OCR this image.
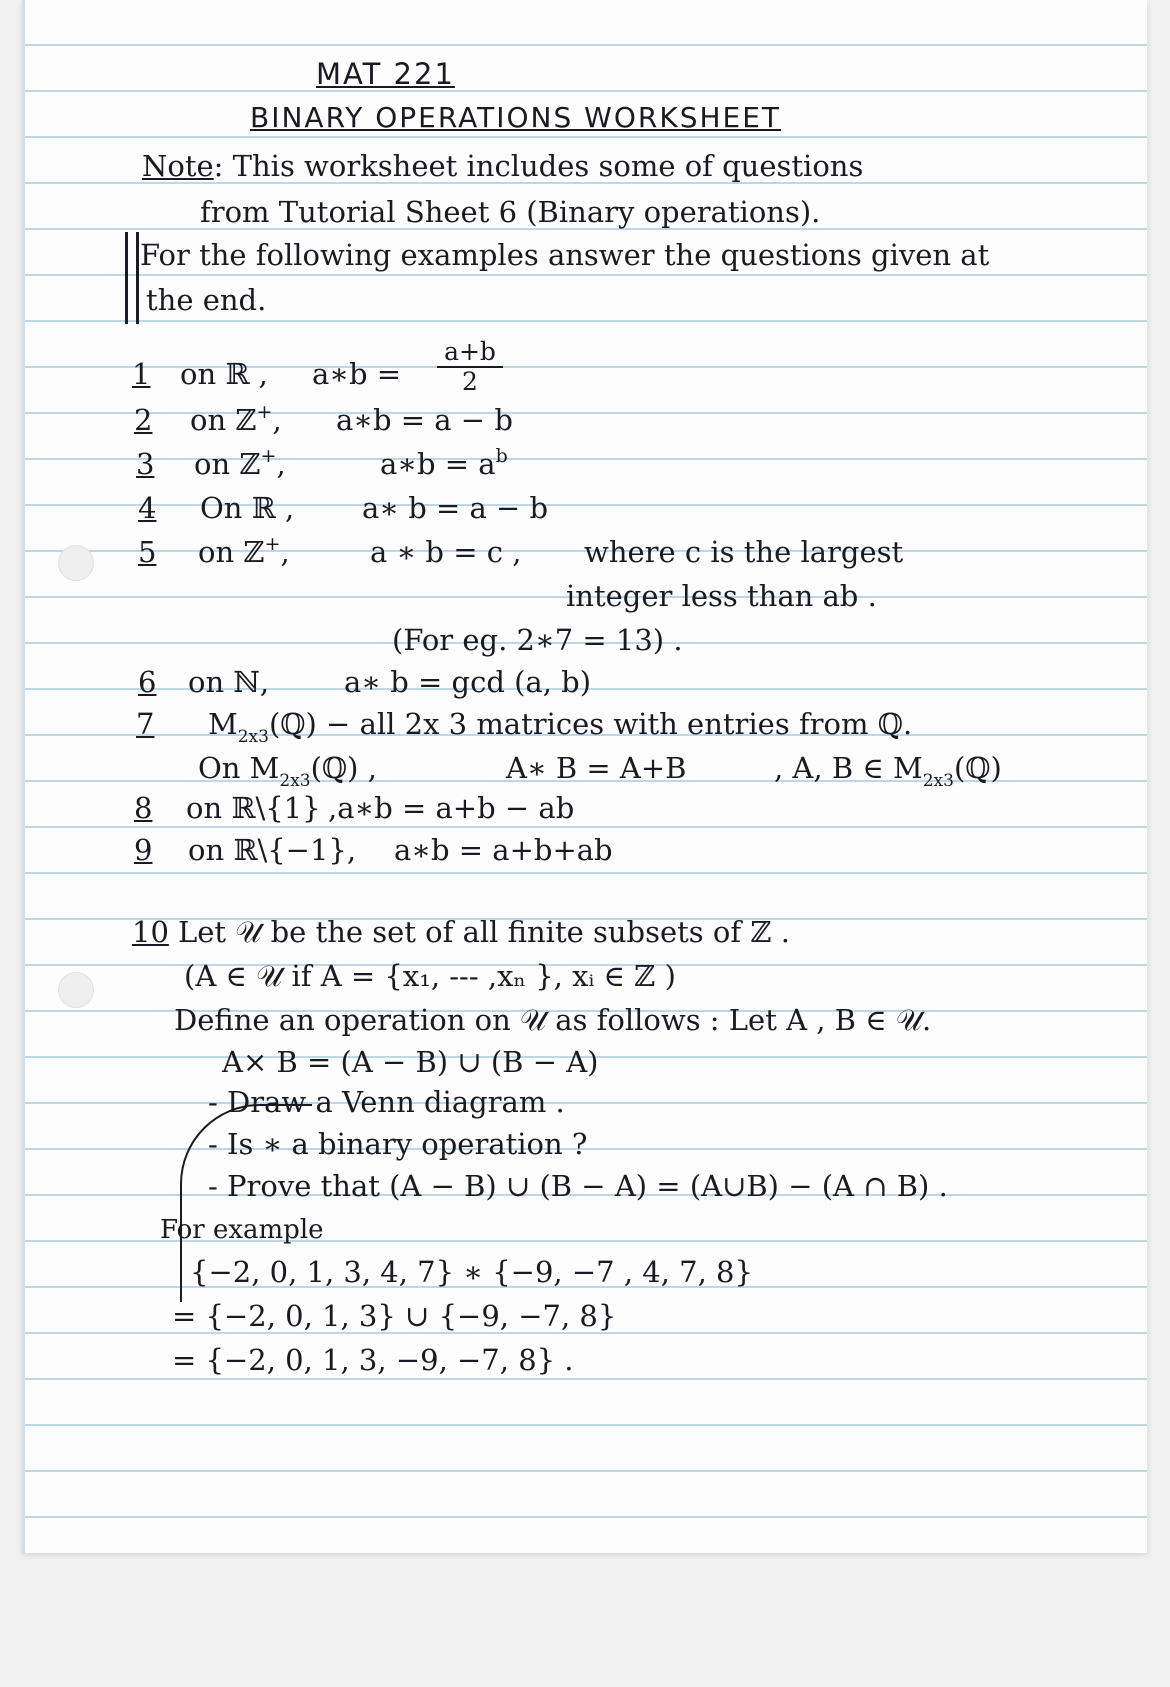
MAT 221
BINARY OPERATIONS WORKSHEET
Note: This worksheet includes some of questions
from Tutorial Sheet 6 (Binary operations).
For the following examples answer the questions given at
the end.
1 on ℝ , a∗b =
a+b
2
2 on ℤ+, a∗b = a − b
3 on ℤ+,	a∗b = $a^b$
4 On ℝ , a∗ b = a − b
5 on ℤ+,	a ∗ b = c , where c is the largest
integer less than ab .
(For eg. 2∗7 = 13) .
6 on ℕ,	a∗ b = gcd (a, b)
7 $M_{2x3}(ℚ)$ − all 2x 3 matrices with entries from ℚ.
On $M_{2x3}(ℚ)$ ,	A∗ B = A+B	, A, B ∈ $M_{2x3}(ℚ)$
8 on ℝ\{1} ,a∗b = a+b − ab
9 on ℝ\{−1}, a∗b = a+b+ab
10 Let 𝒰 be the set of all finite subsets of ℤ .
(A ∈ 𝒰 if A = {x₁, --- ,xₙ }, xᵢ ∈ ℤ )
Define an operation on 𝒰 as follows : Let A , B ∈ 𝒰.
A× B = (A − B) ∪ (B − A)
- Draw a Venn diagram .
- Is ∗ a binary operation ?
- Prove that (A − B) ∪ (B − A) = (A∪B) − (A ∩ B) .
For example
{−2, 0, 1, 3, 4, 7} ∗ {−9, −7 , 4, 7, 8}
= {−2, 0, 1, 3} ∪ {−9, −7, 8}
= {−2, 0, 1, 3, −9, −7, 8} .
